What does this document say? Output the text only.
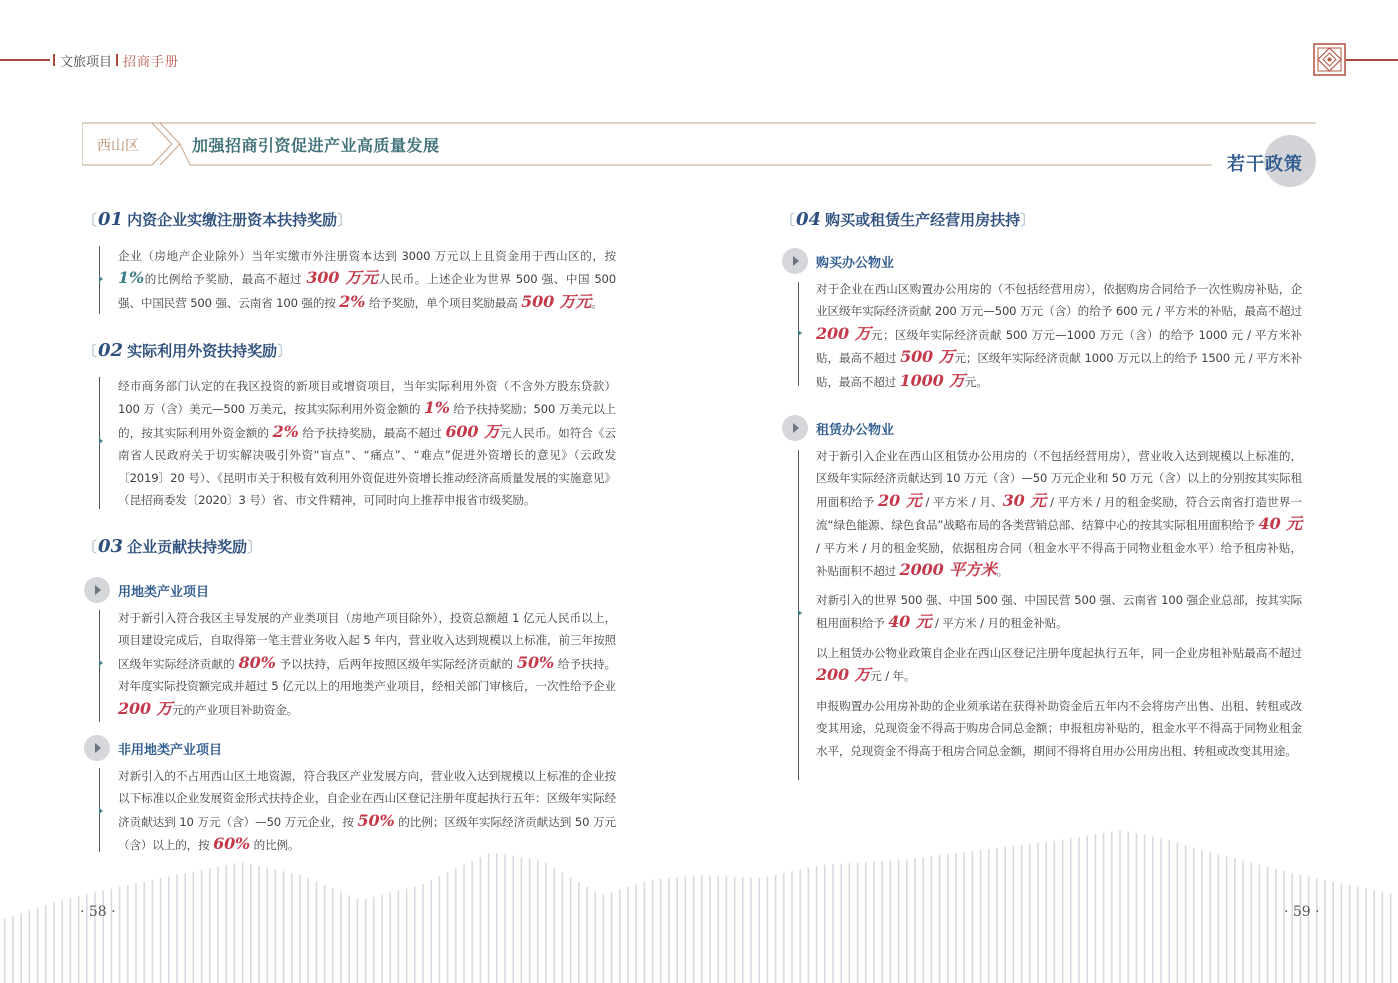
文旅项目 招商手册
西山区	加强招商引资促进产业高质量发展
若干政策
〔01 内资企业实缴注册资本扶持奖励〕
企业（房地产企业除外）当年实缴市外注册资本达到 3000 万元以上且资金用于西山区的，按 1%的比例给予奖励，最高不超过 300 万元人民币。上述企业为世界 500 强、中国 500 强、中国民营 500 强、云南省 100 强的按 2% 给予奖励，单个项目奖励最高 500 万元。
〔02 实际利用外资扶持奖励〕
经市商务部门认定的在我区投资的新项目或增资项目，当年实际利用外资（不含外方股东贷款）100 万（含）美元—500 万美元，按其实际利用外资金额的 1% 给予扶持奖励；500 万美元以上的，按其实际利用外资金额的 2% 给予扶持奖励，最高不超过 600 万元人民币。如符合《云南省人民政府关于切实解决吸引外资“盲点”、“痛点”、“难点”促进外资增长的意见》（云政发〔2019〕20 号）、《昆明市关于积极有效利用外资促进外资增长推动经济高质量发展的实施意见》（昆招商委发〔2020〕3 号）省、市文件精神，可同时向上推荐申报省市级奖励。
〔03 企业贡献扶持奖励〕
用地类产业项目
对于新引入符合我区主导发展的产业类项目（房地产项目除外），投资总额超 1 亿元人民币以上，项目建设完成后，自取得第一笔主营业务收入起 5 年内，营业收入达到规模以上标准，前三年按照区级年实际经济贡献的 80% 予以扶持，后两年按照区级年实际经济贡献的 50% 给予扶持。对年度实际投资额完成并超过 5 亿元以上的用地类产业项目，经相关部门审核后，一次性给予企业 200 万元的产业项目补助资金。
非用地类产业项目
对新引入的不占用西山区土地资源，符合我区产业发展方向，营业收入达到规模以上标准的企业按以下标准以企业发展资金形式扶持企业，自企业在西山区登记注册年度起执行五年：区级年实际经济贡献达到 10 万元（含）—50 万元企业，按 50% 的比例；区级年实际经济贡献达到 50 万元（含）以上的，按 60% 的比例。
〔04 购买或租赁生产经营用房扶持〕
购买办公物业
对于企业在西山区购置办公用房的（不包括经营用房），依据购房合同给予一次性购房补贴，企业区级年实际经济贡献 200 万元—500 万元（含）的给予 600 元 / 平方米的补贴，最高不超过 200 万元；区级年实际经济贡献 500 万元—1000 万元（含）的给予 1000 元 / 平方米补贴，最高不超过 500 万元；区级年实际经济贡献 1000 万元以上的给予 1500 元 / 平方米补贴，最高不超过 1000 万元。
租赁办公物业
对于新引入企业在西山区租赁办公用房的（不包括经营用房），营业收入达到规模以上标准的，区级年实际经济贡献达到 10 万元（含）—50 万元企业和 50 万元（含）以上的分别按其实际租用面积给予 20 元 / 平方米 / 月、30 元 / 平方米 / 月的租金奖励，符合云南省打造世界一流“绿色能源、绿色食品”战略布局的各类营销总部、结算中心的按其实际租用面积给予 40 元 / 平方米 / 月的租金奖励，依据租房合同（租金水平不得高于同物业租金水平）给予租房补贴，补贴面积不超过 2000 平方米。
对新引入的世界 500 强、中国 500 强、中国民营 500 强、云南省 100 强企业总部，按其实际租用面积给予 40 元 / 平方米 / 月的租金补贴。
以上租赁办公物业政策自企业在西山区登记注册年度起执行五年，同一企业房租补贴最高不超过 200 万元 / 年。
申报购置办公用房补助的企业须承诺在获得补助资金后五年内不会将房产出售、出租、转租或改变其用途，兑现资金不得高于购房合同总金额；申报租房补贴的，租金水平不得高于同物业租金水平，兑现资金不得高于租房合同总金额，期间不得将自用办公用房出租、转租或改变其用途。
· 58 ·	· 59 ·
